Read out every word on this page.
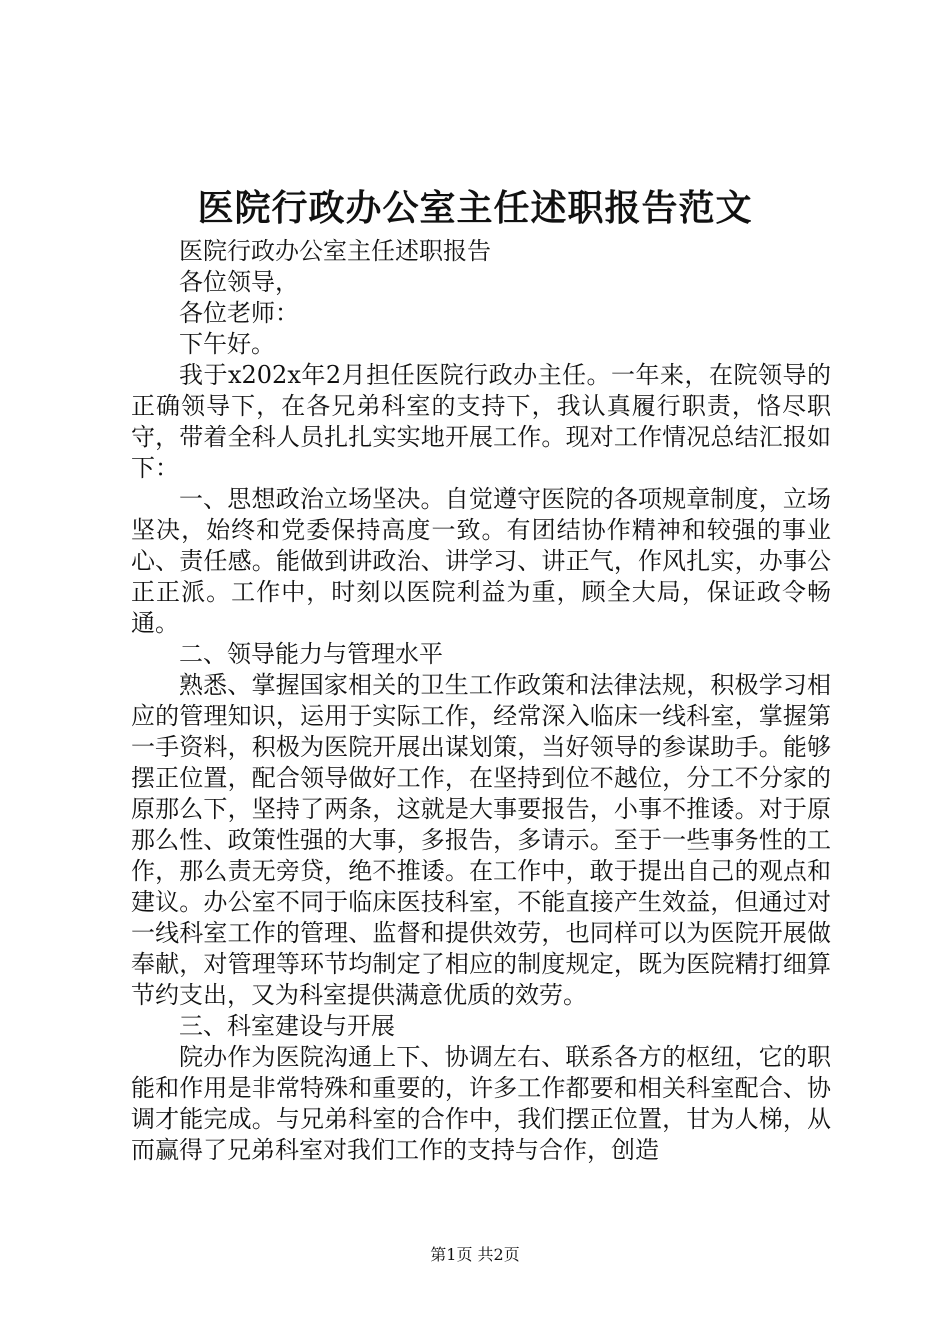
医院行政办公室主任述职报告范文

医院行政办公室主任述职报告

各位领导，

各位老师：

下午好。

我于x202x年2月担任医院行政办主任。一年来，在院领导的正确领导下，在各兄弟科室的支持下，我认真履行职责，恪尽职守，带着全科人员扎扎实实地开展工作。现对工作情况总结汇报如下：

一、思想政治立场坚决。自觉遵守医院的各项规章制度，立场坚决，始终和党委保持高度一致。有团结协作精神和较强的事业心、责任感。能做到讲政治、讲学习、讲正气，作风扎实，办事公正正派。工作中，时刻以医院利益为重，顾全大局，保证政令畅通。

二、领导能力与管理水平

熟悉、掌握国家相关的卫生工作政策和法律法规，积极学习相应的管理知识，运用于实际工作，经常深入临床一线科室，掌握第一手资料，积极为医院开展出谋划策，当好领导的参谋助手。能够摆正位置，配合领导做好工作，在坚持到位不越位，分工不分家的原那么下，坚持了两条，这就是大事要报告，小事不推诿。对于原那么性、政策性强的大事，多报告，多请示。至于一些事务性的工作，那么责无旁贷，绝不推诿。在工作中，敢于提出自己的观点和建议。办公室不同于临床医技科室，不能直接产生效益，但通过对一线科室工作的管理、监督和提供效劳，也同样可以为医院开展做奉献，对管理等环节均制定了相应的制度规定，既为医院精打细算节约支出，又为科室提供满意优质的效劳。

三、科室建设与开展

院办作为医院沟通上下、协调左右、联系各方的枢纽，它的职能和作用是非常特殊和重要的，许多工作都要和相关科室配合、协调才能完成。与兄弟科室的合作中，我们摆正位置，甘为人梯，从而赢得了兄弟科室对我们工作的支持与合作，创造

第1页 共2页
